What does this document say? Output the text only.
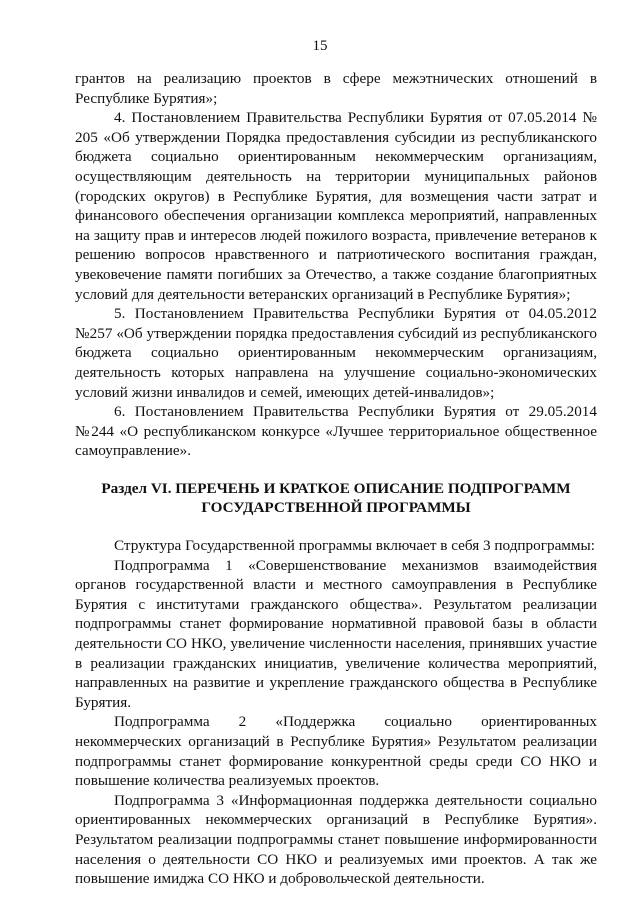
15

грантов на реализацию проектов в сфере межэтнических отношений в Республике Бурятия»;

4. Постановлением Правительства Республики Бурятия от 07.05.2014 № 205 «Об утверждении Порядка предоставления субсидии из республиканского бюджета социально ориентированным некоммерческим организациям, осуществляющим деятельность на территории муниципальных районов (городских округов) в Республике Бурятия, для возмещения части затрат и финансового обеспечения организации комплекса мероприятий, направленных на защиту прав и интересов людей пожилого возраста, привлечение ветеранов к решению вопросов нравственного и патриотического воспитания граждан, увековечение памяти погибших за Отечество, а также создание благоприятных условий для деятельности ветеранских организаций в Республике Бурятия»;

5. Постановлением Правительства Республики Бурятия от 04.05.2012 №257 «Об утверждении порядка предоставления субсидий из республиканского бюджета социально ориентированным некоммерческим организациям, деятельность которых направлена на улучшение социально-экономических условий жизни инвалидов и семей, имеющих детей-инвалидов»;

6. Постановлением Правительства Республики Бурятия от 29.05.2014 №244 «О республиканском конкурсе «Лучшее территориальное общественное самоуправление».

Раздел VI. ПЕРЕЧЕНЬ И КРАТКОЕ ОПИСАНИЕ ПОДПРОГРАММ
ГОСУДАРСТВЕННОЙ ПРОГРАММЫ

Структура Государственной программы включает в себя 3 подпрограммы:

Подпрограмма 1 «Совершенствование механизмов взаимодействия органов государственной власти и местного самоуправления в Республике Бурятия с институтами гражданского общества». Результатом реализации подпрограммы станет формирование нормативной правовой базы в области деятельности СО НКО, увеличение численности населения, принявших участие в реализации гражданских инициатив, увеличение количества мероприятий, направленных на развитие и укрепление гражданского общества в Республике Бурятия.

Подпрограмма 2 «Поддержка социально ориентированных некоммерческих организаций в Республике Бурятия» Результатом реализации подпрограммы станет формирование конкурентной среды среди СО НКО и повышение количества реализуемых проектов.

Подпрограмма 3 «Информационная поддержка деятельности социально ориентированных некоммерческих организаций в Республике Бурятия». Результатом реализации подпрограммы станет повышение информированности населения о деятельности СО НКО и реализуемых ими проектов. А так же повышение имиджа СО НКО и добровольческой деятельности.
